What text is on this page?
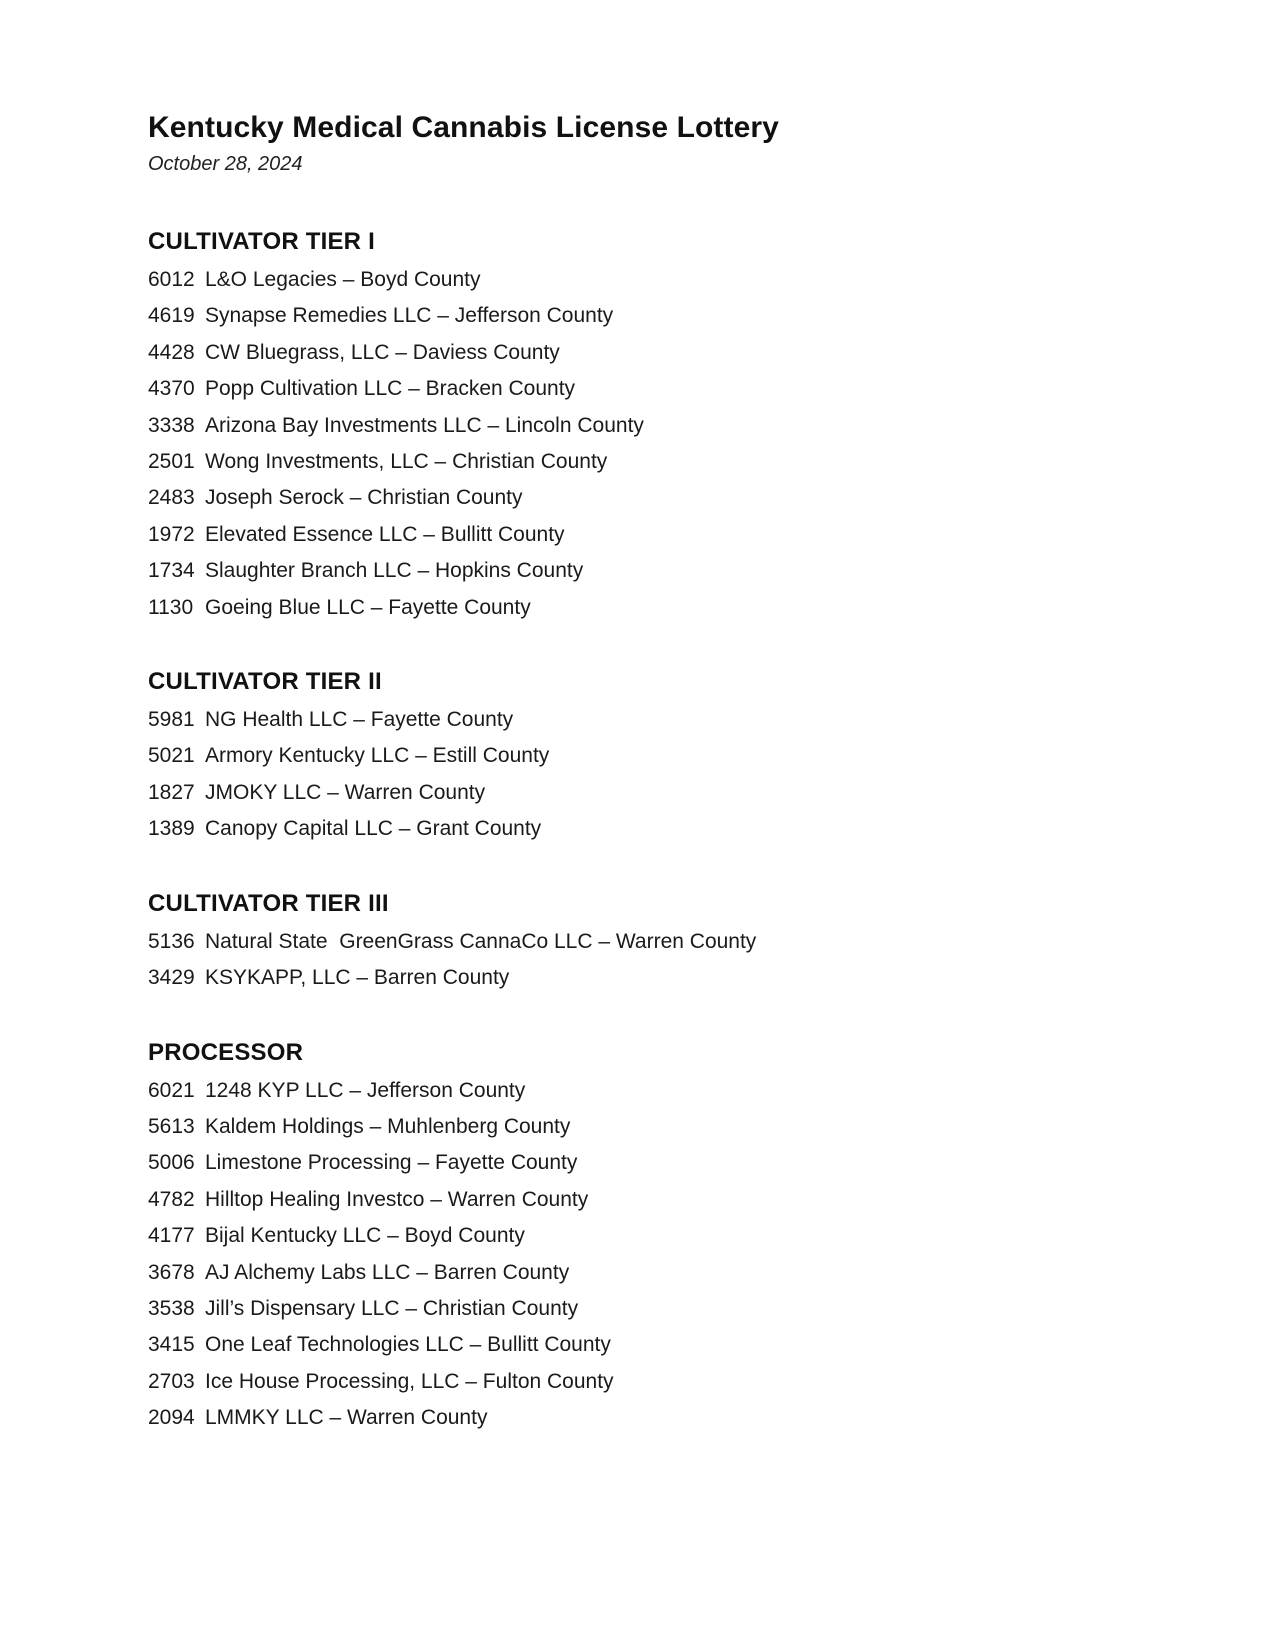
Kentucky Medical Cannabis License Lottery

October 28, 2024

CULTIVATOR TIER I
6012 L&O Legacies – Boyd County
4619 Synapse Remedies LLC – Jefferson County
4428 CW Bluegrass, LLC – Daviess County
4370 Popp Cultivation LLC – Bracken County
3338 Arizona Bay Investments LLC – Lincoln County
2501 Wong Investments, LLC – Christian County
2483 Joseph Serock – Christian County
1972 Elevated Essence LLC – Bullitt County
1734 Slaughter Branch LLC – Hopkins County
1130 Goeing Blue LLC – Fayette County
CULTIVATOR TIER II
5981 NG Health LLC – Fayette County
5021 Armory Kentucky LLC – Estill County
1827 JMOKY LLC – Warren County
1389 Canopy Capital LLC – Grant County
CULTIVATOR TIER III
5136 Natural State  GreenGrass CannaCo LLC – Warren County
3429 KSYKAPP, LLC – Barren County
PROCESSOR
6021 1248 KYP LLC – Jefferson County
5613 Kaldem Holdings – Muhlenberg County
5006 Limestone Processing – Fayette County
4782 Hilltop Healing Investco – Warren County
4177 Bijal Kentucky LLC – Boyd County
3678 AJ Alchemy Labs LLC – Barren County
3538 Jill’s Dispensary LLC – Christian County
3415 One Leaf Technologies LLC – Bullitt County
2703 Ice House Processing, LLC – Fulton County
2094 LMMKY LLC – Warren County
